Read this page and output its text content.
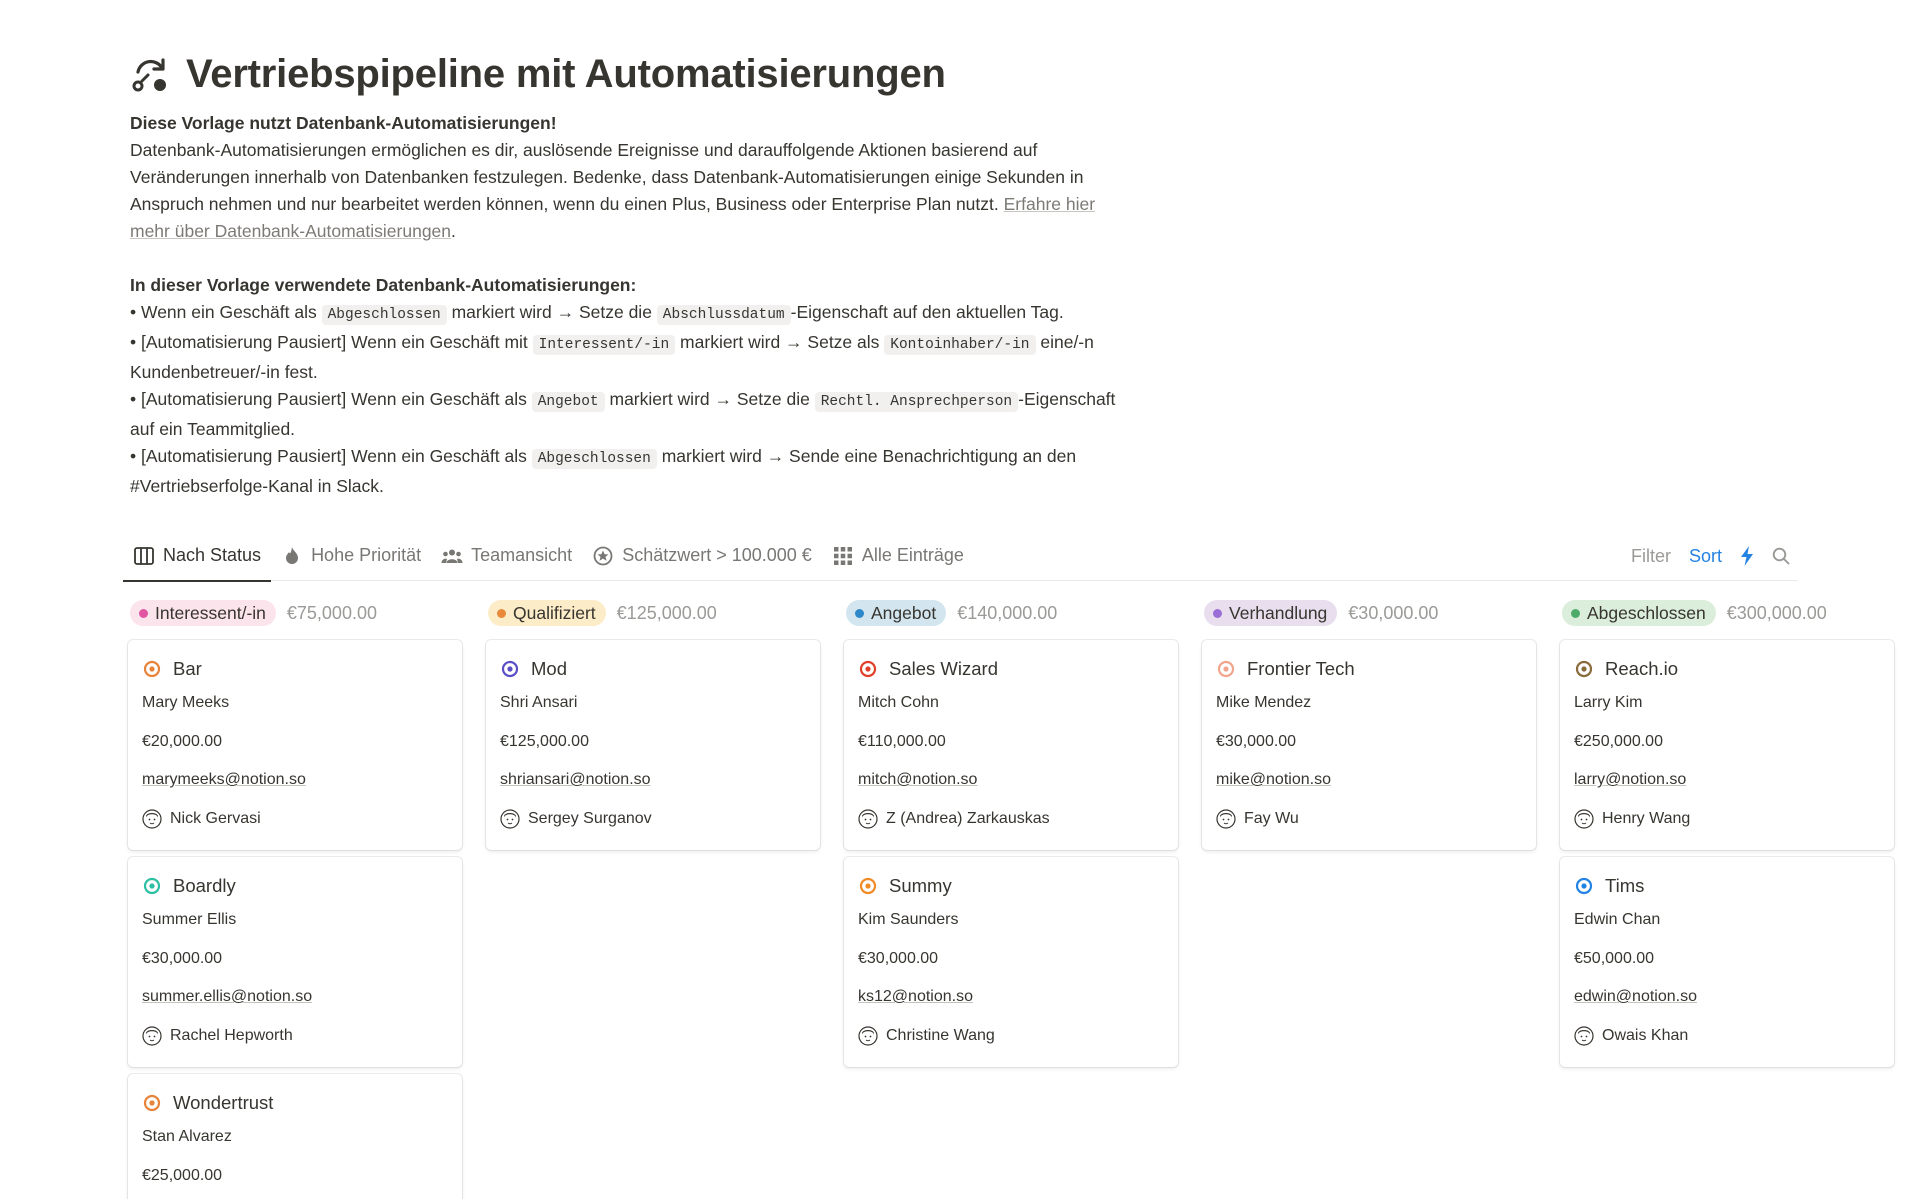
Vertriebspipeline mit Automatisierungen

Diese Vorlage nutzt Datenbank-Automatisierungen!

Datenbank-Automatisierungen ermöglichen es dir, auslösende Ereignisse und darauffolgende Aktionen basierend auf Veränderungen innerhalb von Datenbanken festzulegen. Bedenke, dass Datenbank-Automatisierungen einige Sekunden in Anspruch nehmen und nur bearbeitet werden können, wenn du einen Plus, Business oder Enterprise Plan nutzt. Erfahre hier mehr über Datenbank-Automatisierungen.

In dieser Vorlage verwendete Datenbank-Automatisierungen:

• Wenn ein Geschäft als Abgeschlossen markiert wird → Setze die Abschlussdatum -Eigenschaft auf den aktuellen Tag.

• [Automatisierung Pausiert] Wenn ein Geschäft mit Interessent/-in markiert wird → Setze als Kontoinhaber/-in eine/-n Kundenbetreuer/-in fest.

• [Automatisierung Pausiert] Wenn ein Geschäft als Angebot markiert wird → Setze die Rechtl. Ansprechperson -Eigenschaft auf ein Teammitglied.

• [Automatisierung Pausiert] Wenn ein Geschäft als Abgeschlossen markiert wird → Sende eine Benachrichtigung an den #Vertriebserfolge-Kanal in Slack.

Nach Status	Hohe Priorität	Teamansicht	Schätzwert > 100.000 €	Alle Einträge	Filter Sort
Interessent/-in €75,000.00
Bar
Mary Meeks
€20,000.00
marymeeks@notion.so
Nick Gervasi
Boardly
Summer Ellis
€30,000.00
summer.ellis@notion.so
Rachel Hepworth
Wondertrust
Stan Alvarez
€25,000.00
Qualifiziert €125,000.00
Mod
Shri Ansari
€125,000.00
shriansari@notion.so
Sergey Surganov
Angebot €140,000.00
Sales Wizard
Mitch Cohn
€110,000.00
mitch@notion.so
Z (Andrea) Zarkauskas
Summy
Kim Saunders
€30,000.00
ks12@notion.so
Christine Wang
Verhandlung €30,000.00
Frontier Tech
Mike Mendez
€30,000.00
mike@notion.so
Fay Wu
Abgeschlossen €300,000.00
Reach.io
Larry Kim
€250,000.00
larry@notion.so
Henry Wang
Tims
Edwin Chan
€50,000.00
edwin@notion.so
Owais Khan
